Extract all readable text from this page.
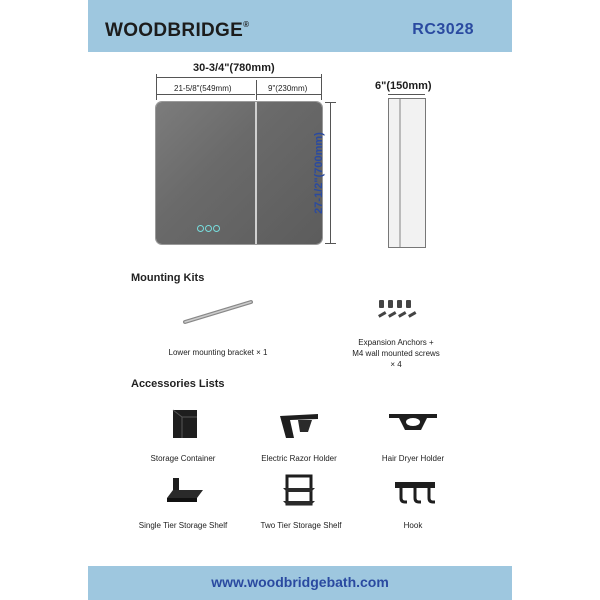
WOODBRIDGE®	RC3028
30-3/4"(780mm)
21-5/8"(549mm)	9"(230mm)
27-1/2"(700mm)
6"(150mm)
Mounting Kits
Lower mounting bracket × 1
Expansion Anchors +
M4 wall mounted screws
× 4
Accessories Lists
Storage Container	Electric Razor Holder	Hair Dryer Holder
Single Tier Storage Shelf	Two Tier Storage Shelf	Hook
www.woodbridgebath.com
